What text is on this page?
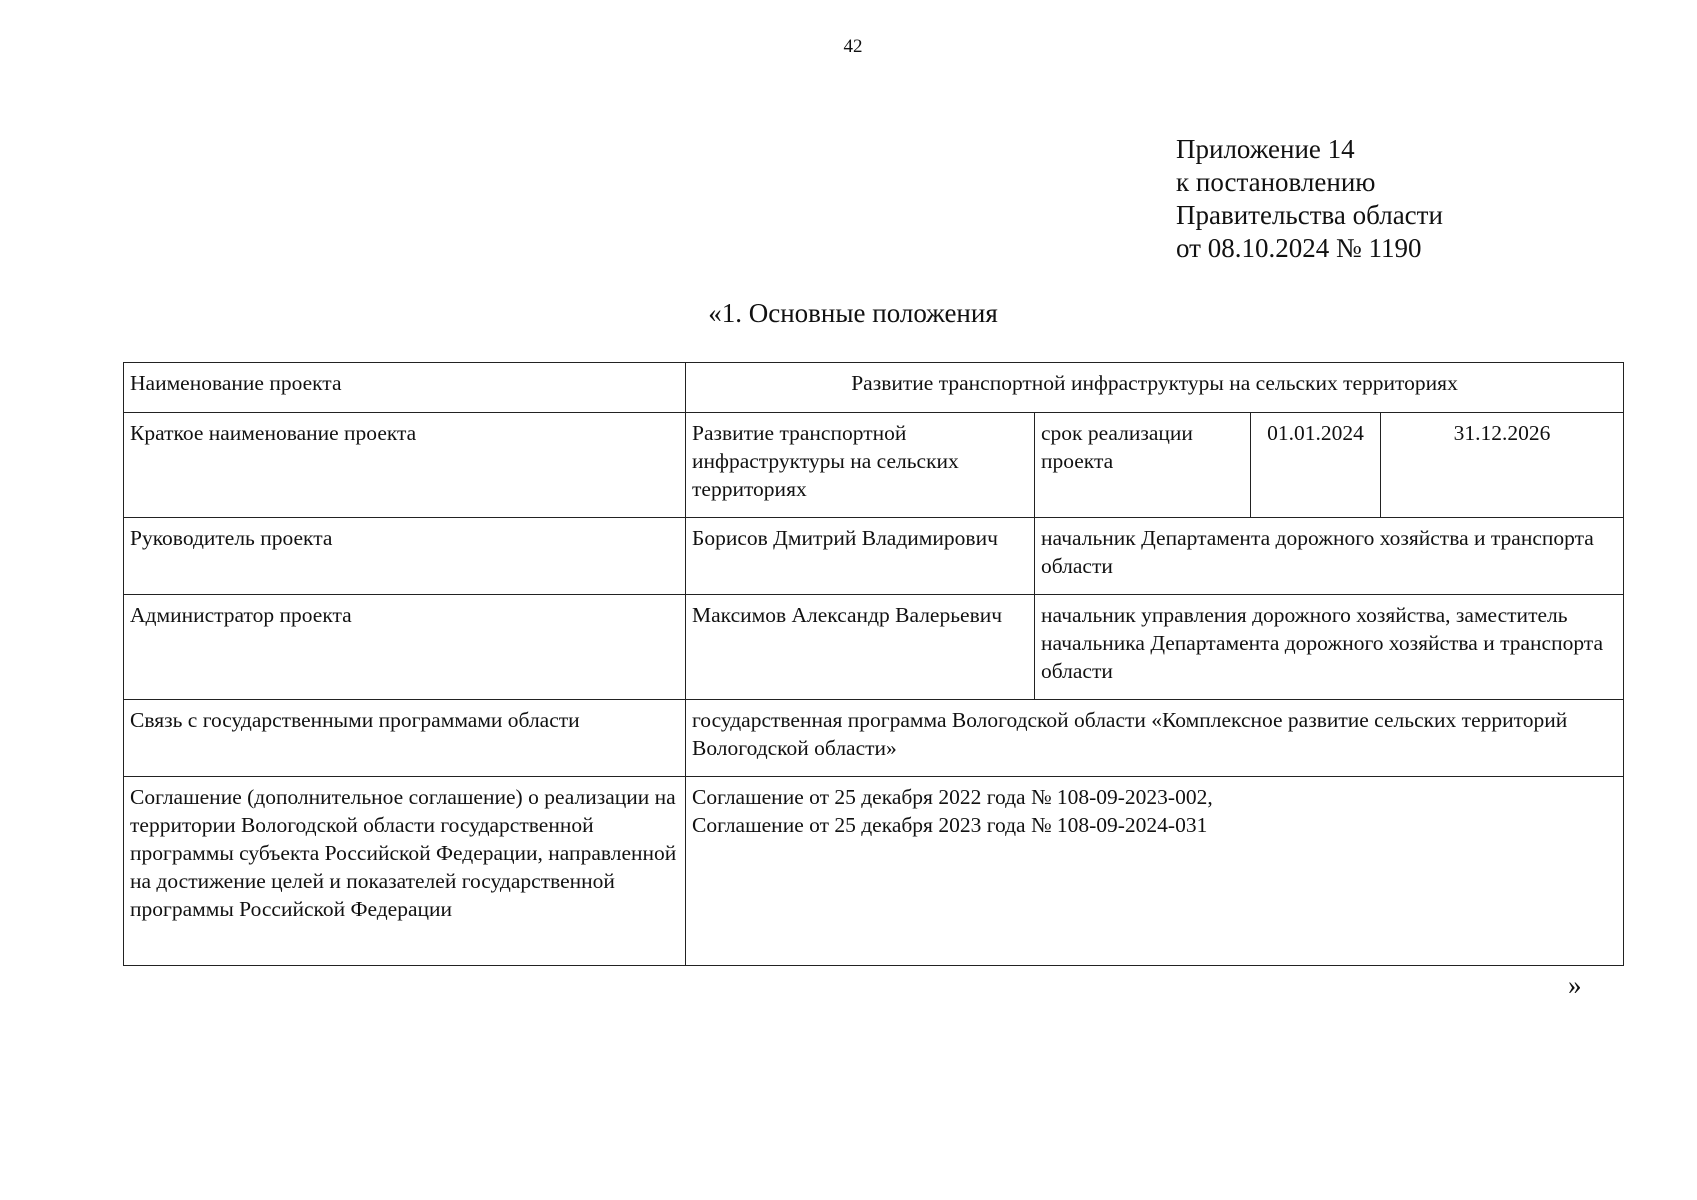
42
Приложение 14
к постановлению
Правительства области
от 08.10.2024 № 1190
«1. Основные положения
Наименование проекта	Развитие транспортной инфраструктуры на сельских территориях			
Краткое наименование проекта	Развитие транспортной инфраструктуры на сельских территориях	срок реализации проекта	01.01.2024	31.12.2026
Руководитель проекта	Борисов Дмитрий Владимирович	начальник Департамента дорожного хозяйства и транспорта области		
Администратор проекта	Максимов Александр Валерьевич	начальник управления дорожного хозяйства, заместитель начальника Департамента дорожного хозяйства и транспорта области		
Связь с государственными программами области	государственная программа Вологодской области «Комплексное развитие сельских территорий Вологодской области»			
Соглашение (дополнительное соглашение) о реализации на территории Вологодской области государственной программы субъекта Российской Федерации, направленной на достижение целей и показателей государственной программы Российской Федерации	Соглашение от 25 декабря 2022 года № 108-09-2023-002,
Соглашение от 25 декабря 2023 года № 108-09-2024-031			
»
